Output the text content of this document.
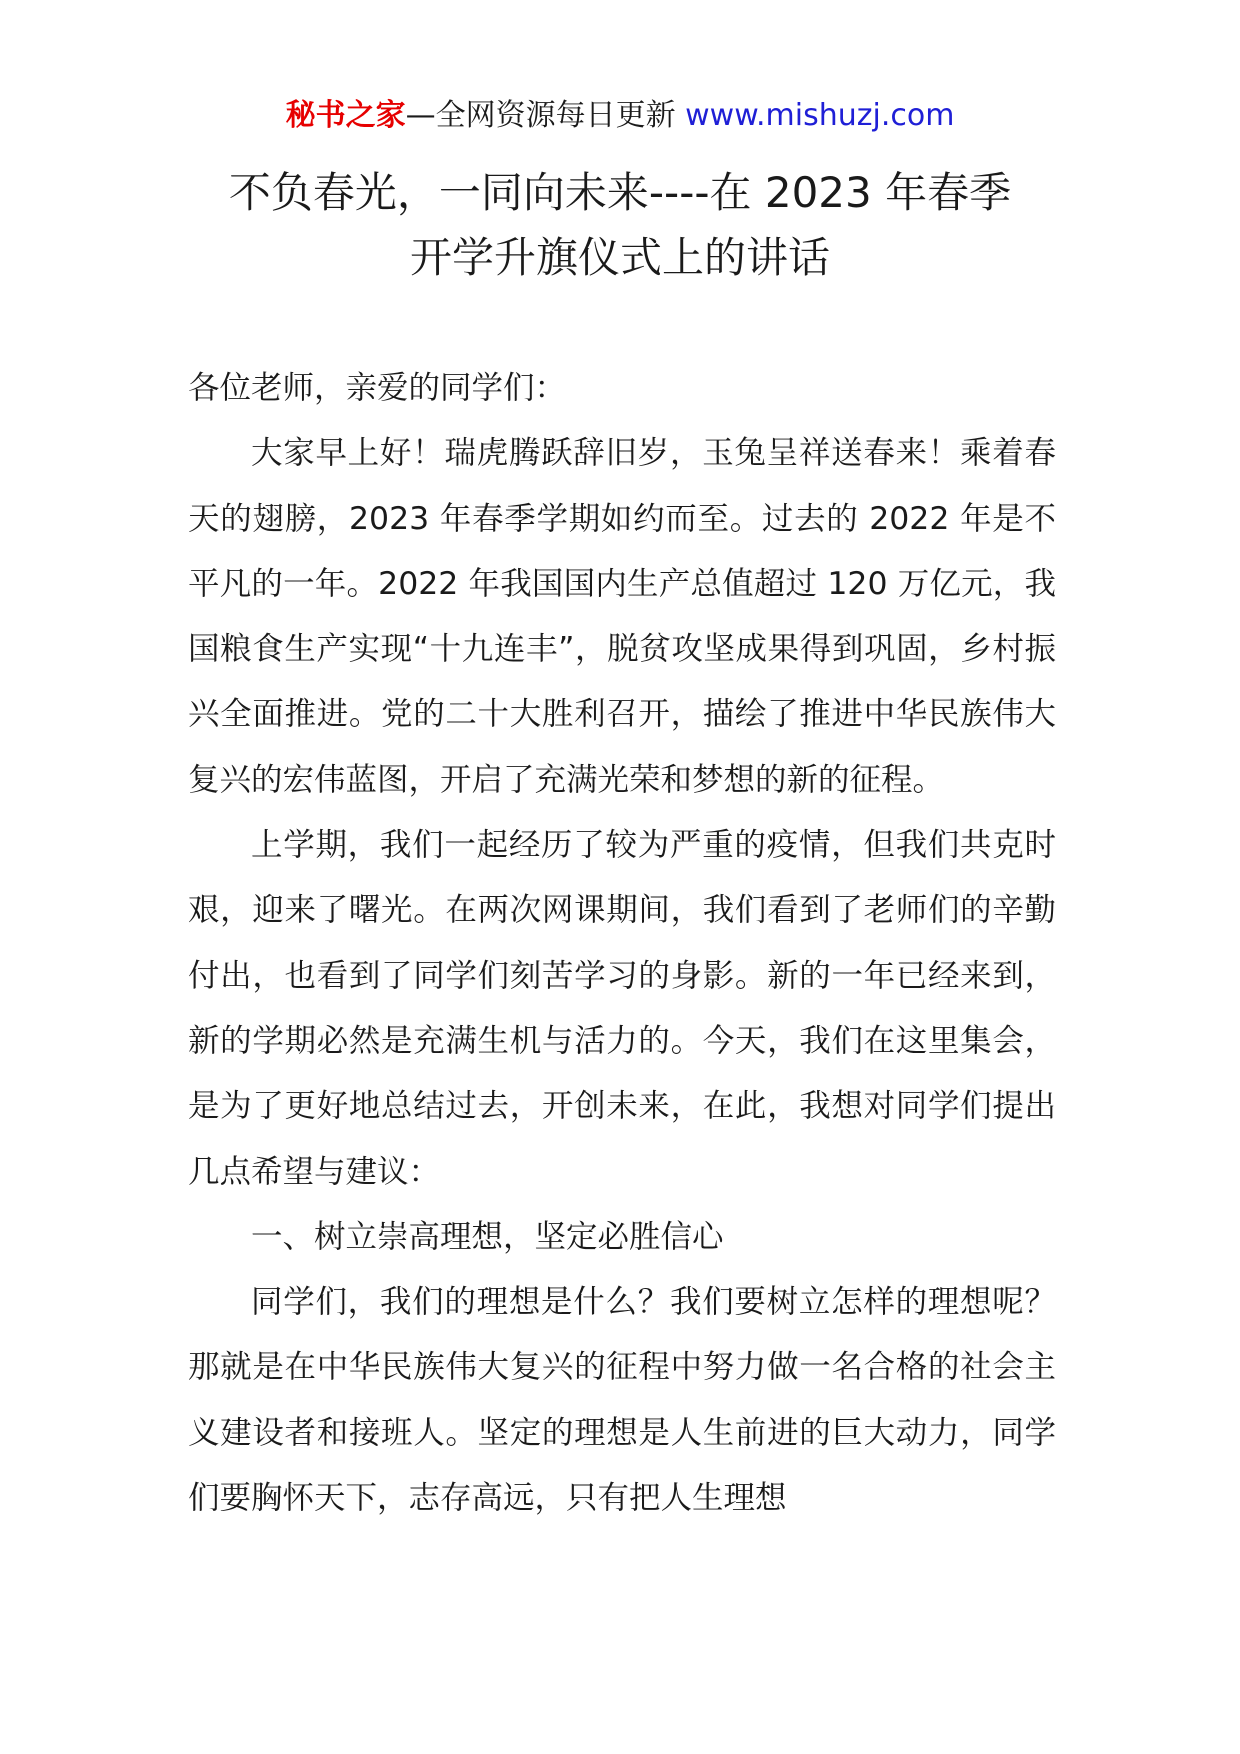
秘书之家—全网资源每日更新 www.mishuzj.com
不负春光，一同向未来----在 2023 年春季
开学升旗仪式上的讲话

各位老师，亲爱的同学们：

大家早上好！瑞虎腾跃辞旧岁，玉兔呈祥送春来！乘着春天的翅膀，2023 年春季学期如约而至。过去的 2022 年是不平凡的一年。2022 年我国国内生产总值超过 120 万亿元，我国粮食生产实现“十九连丰”，脱贫攻坚成果得到巩固，乡村振兴全面推进。党的二十大胜利召开，描绘了推进中华民族伟大复兴的宏伟蓝图，开启了充满光荣和梦想的新的征程。

上学期，我们一起经历了较为严重的疫情，但我们共克时艰，迎来了曙光。在两次网课期间，我们看到了老师们的辛勤付出，也看到了同学们刻苦学习的身影。新的一年已经来到，新的学期必然是充满生机与活力的。今天，我们在这里集会，是为了更好地总结过去，开创未来，在此，我想对同学们提出几点希望与建议：

一、树立崇高理想，坚定必胜信心

同学们，我们的理想是什么？我们要树立怎样的理想呢？那就是在中华民族伟大复兴的征程中努力做一名合格的社会主义建设者和接班人。坚定的理想是人生前进的巨大动力，同学们要胸怀天下，志存高远，只有把人生理想
